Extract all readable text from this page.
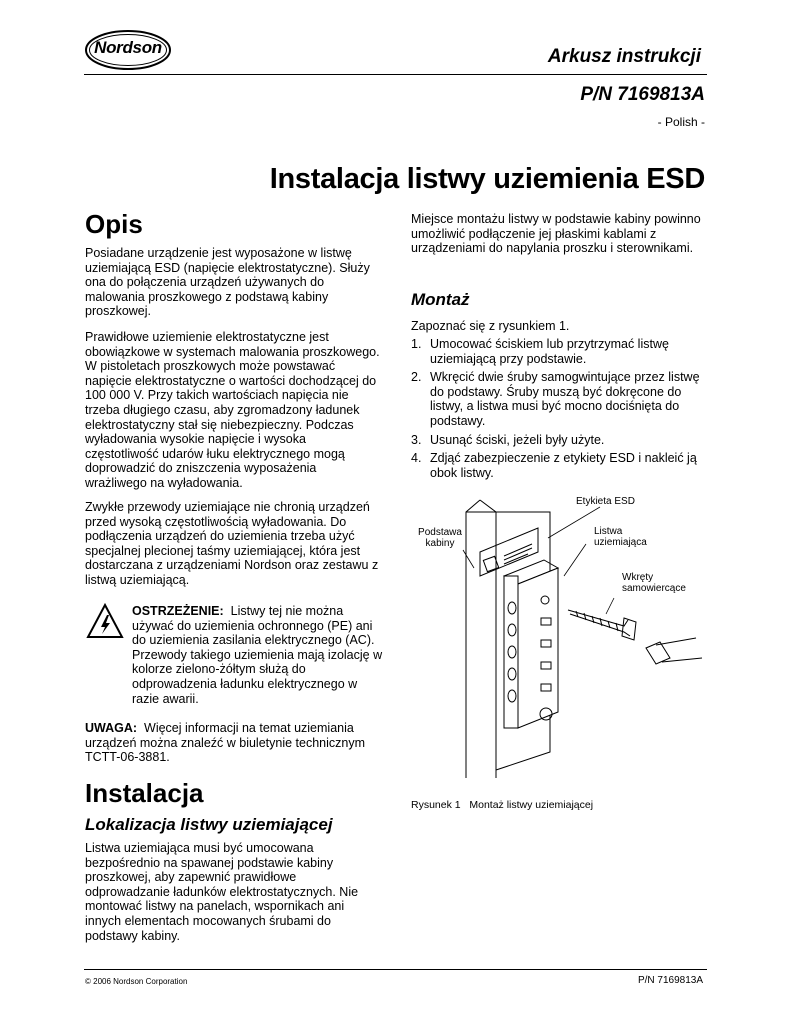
Nordson	Arkusz instrukcji
P/N 7169813A
- Polish -
Instalacja listwy uziemienia ESD
Opis
Posiadane urządzenie jest wyposażone w listwę uziemiającą ESD (napięcie elektrostatyczne). Służy ona do połączenia urządzeń używanych do malowania proszkowego z podstawą kabiny proszkowej.
Prawidłowe uziemienie elektrostatyczne jest obowiązkowe w systemach malowania proszkowego. W pistoletach proszkowych może powstawać napięcie elektrostatyczne o wartości dochodzącej do 100 000 V. Przy takich wartościach napięcia nie trzeba długiego czasu, aby zgromadzony ładunek elektrostatyczny stał się niebezpieczny. Podczas wyładowania wysokie napięcie i wysoka częstotliwość udarów łuku elektrycznego mogą doprowadzić do zniszczenia wyposażenia wrażliwego na wyładowania.
Zwykłe przewody uziemiające nie chronią urządzeń przed wysoką częstotliwością wyładowania. Do podłączenia urządzeń do uziemienia trzeba użyć specjalnej plecionej taśmy uziemiającej, która jest dostarczana z urządzeniami Nordson oraz zestawu z listwą uziemiającą.
OSTRZEŻENIE: Listwy tej nie można używać do uziemienia ochronnego (PE) ani do uziemienia zasilania elektrycznego (AC). Przewody takiego uziemienia mają izolację w kolorze zielono-żółtym służą do odprowadzenia ładunku elektrycznego w razie awarii.
UWAGA: Więcej informacji na temat uziemiania urządzeń można znaleźć w biuletynie technicznym TCTT-06-3881.
Instalacja
Lokalizacja listwy uziemiającej
Listwa uziemiająca musi być umocowana bezpośrednio na spawanej podstawie kabiny proszkowej, aby zapewnić prawidłowe odprowadzanie ładunków elektrostatycznych. Nie montować listwy na panelach, wspornikach ani innych elementach mocowanych śrubami do podstawy kabiny.
Miejsce montażu listwy w podstawie kabiny powinno umożliwić podłączenie jej płaskimi kablami z urządzeniami do napylania proszku i sterownikami.
Montaż
Zapoznać się z rysunkiem 1.
1. Umocować ściskiem lub przytrzymać listwę uziemiającą przy podstawie.
2. Wkręcić dwie śruby samogwintujące przez listwę do podstawy. Śruby muszą być dokręcone do listwy, a listwa musi być mocno dociśnięta do podstawy.
3. Usunąć ściski, jeżeli były użyte.
4. Zdjąć zabezpieczenie z etykiety ESD i nakleić ją obok listwy.
Etykieta ESD
Podstawa
kabiny
Listwa
uziemiająca
Wkręty
samowiercące
Rysunek 1   Montaż listwy uziemiającej
© 2006 Nordson Corporation	P/N 7169813A
